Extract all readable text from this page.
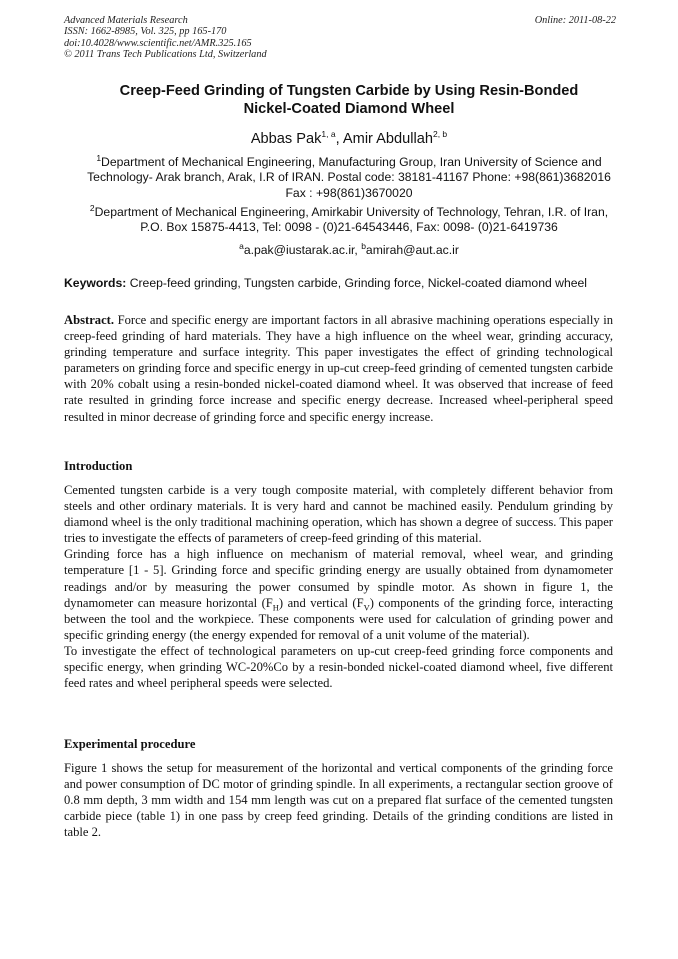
Advanced Materials Research
ISSN: 1662-8985, Vol. 325, pp 165-170
doi:10.4028/www.scientific.net/AMR.325.165
© 2011 Trans Tech Publications Ltd, Switzerland
Online: 2011-08-22
Creep-Feed Grinding of Tungsten Carbide by Using Resin-Bonded
Nickel-Coated Diamond Wheel
Abbas Pak$^{1, a}$, Amir Abdullah$^{2, b}$
$^1$Department of Mechanical Engineering, Manufacturing Group, Iran University of Science and
Technology- Arak branch, Arak, I.R of IRAN. Postal code: 38181-41167 Phone: +98(861)3682016
Fax : +98(861)3670020
$^2$Department of Mechanical Engineering, Amirkabir University of Technology, Tehran, I.R. of Iran,
P.O. Box 15875-4413, Tel: 0098 - (0)21-64543446, Fax: 0098- (0)21-6419736
$^a$a.pak@iustarak.ac.ir, $^b$amirah@aut.ac.ir
Keywords: Creep-feed grinding, Tungsten carbide, Grinding force, Nickel-coated diamond wheel

Abstract. Force and specific energy are important factors in all abrasive machining operations especially in creep-feed grinding of hard materials. They have a high influence on the wheel wear, grinding accuracy, grinding temperature and surface integrity. This paper investigates the effect of grinding technological parameters on grinding force and specific energy in up-cut creep-feed grinding of cemented tungsten carbide with 20% cobalt using a resin-bonded nickel-coated diamond wheel. It was observed that increase of feed rate resulted in grinding force increase and specific energy decrease. Increased wheel-peripheral speed resulted in minor decrease of grinding force and specific energy increase.

Introduction

Cemented tungsten carbide is a very tough composite material, with completely different behavior from steels and other ordinary materials. It is very hard and cannot be machined easily. Pendulum grinding by diamond wheel is the only traditional machining operation, which has shown a degree of success. This paper tries to investigate the effects of parameters of creep-feed grinding of this material.

Grinding force has a high influence on mechanism of material removal, wheel wear, and grinding temperature [1 - 5]. Grinding force and specific grinding energy are usually obtained from dynamometer readings and/or by measuring the power consumed by spindle motor. As shown in figure 1, the dynamometer can measure horizontal $(F_H)$ and vertical $(F_V)$ components of the grinding force, interacting between the tool and the workpiece. These components were used for calculation of grinding power and specific grinding energy (the energy expended for removal of a unit volume of the material).

To investigate the effect of technological parameters on up-cut creep-feed grinding force components and specific energy, when grinding WC-20%Co by a resin-bonded nickel-coated diamond wheel, five different feed rates and wheel peripheral speeds were selected.

Experimental procedure

Figure 1 shows the setup for measurement of the horizontal and vertical components of the grinding force and power consumption of DC motor of grinding spindle. In all experiments, a rectangular section groove of 0.8 mm depth, 3 mm width and 154 mm length was cut on a prepared flat surface of the cemented tungsten carbide piece (table 1) in one pass by creep feed grinding. Details of the grinding conditions are listed in table 2.
